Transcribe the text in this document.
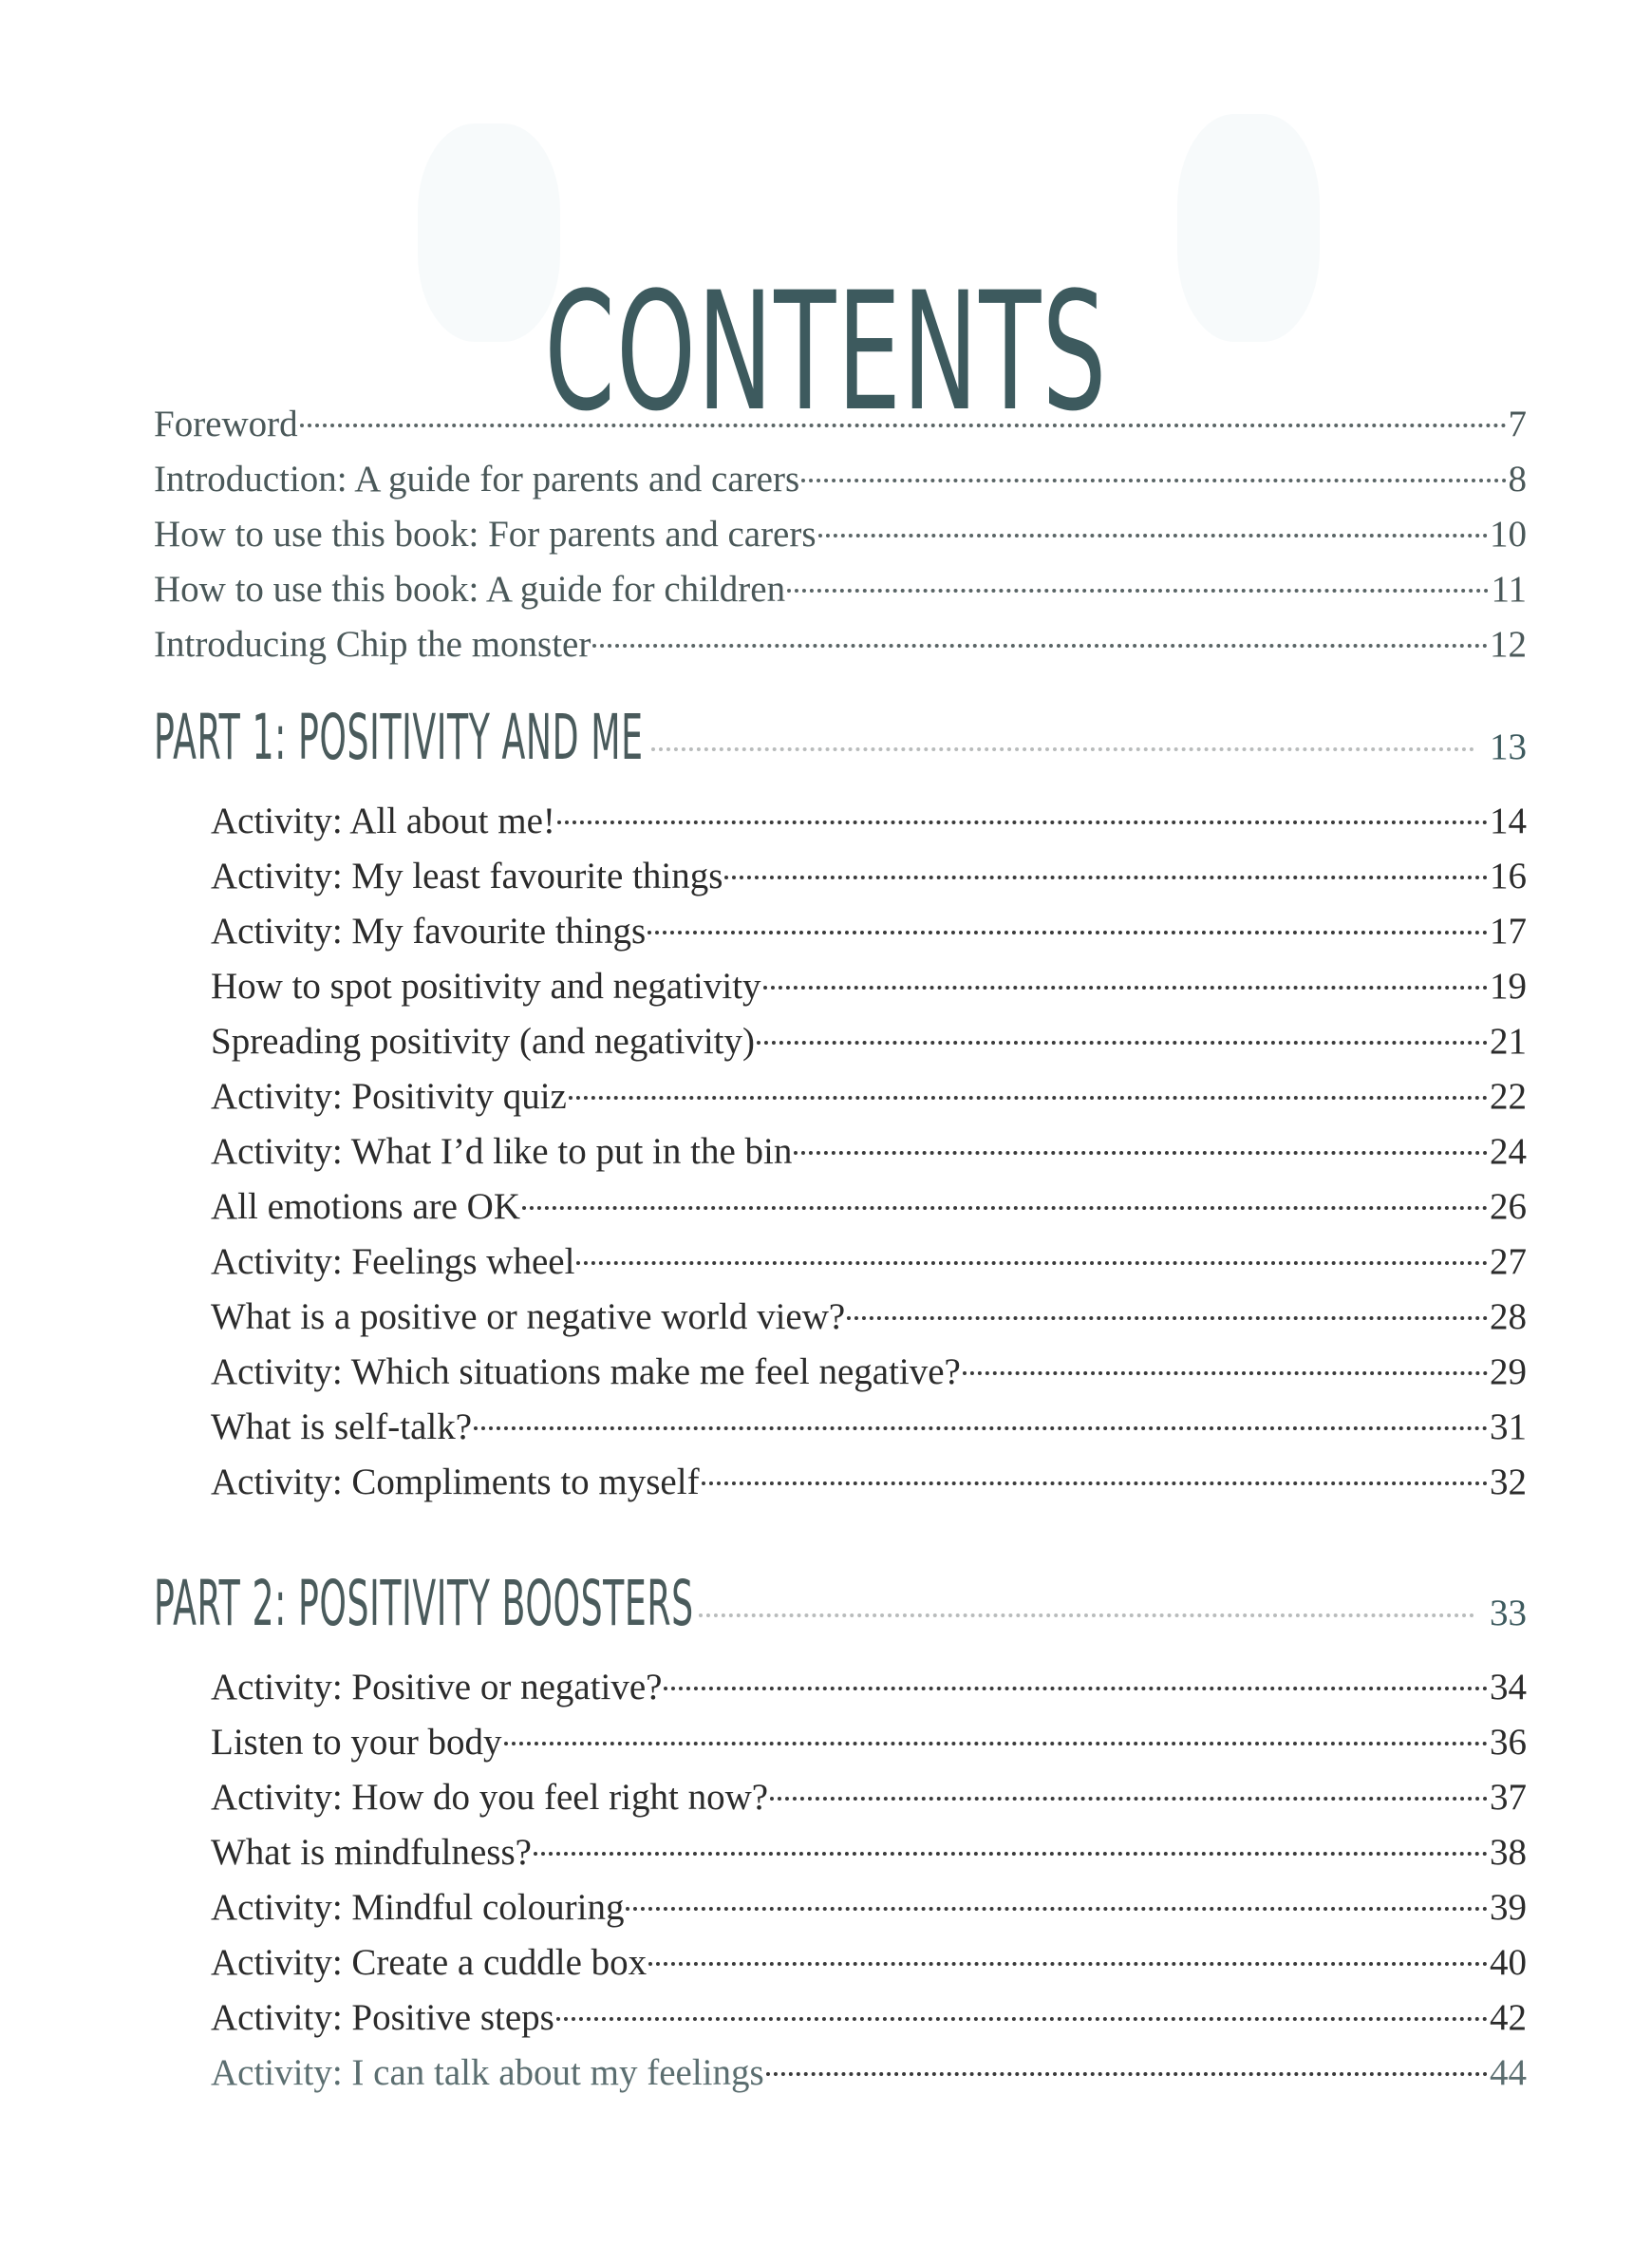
CONTENTS
Foreword	7
Introduction: A guide for parents and carers	8
How to use this book: For parents and carers	10
How to use this book: A guide for children	11
Introducing Chip the monster	12
PART 1: POSITIVITY AND ME	13
Activity: All about me!	14
Activity: My least favourite things	16
Activity: My favourite things	17
How to spot positivity and negativity	19
Spreading positivity (and negativity)	21
Activity: Positivity quiz	22
Activity: What I’d like to put in the bin	24
All emotions are OK	26
Activity: Feelings wheel	27
What is a positive or negative world view?	28
Activity: Which situations make me feel negative?	29
What is self-talk?	31
Activity: Compliments to myself	32
PART 2: POSITIVITY BOOSTERS	33
Activity: Positive or negative?	34
Listen to your body	36
Activity: How do you feel right now?	37
What is mindfulness?	38
Activity: Mindful colouring	39
Activity: Create a cuddle box	40
Activity: Positive steps	42
Activity: I can talk about my feelings	44
